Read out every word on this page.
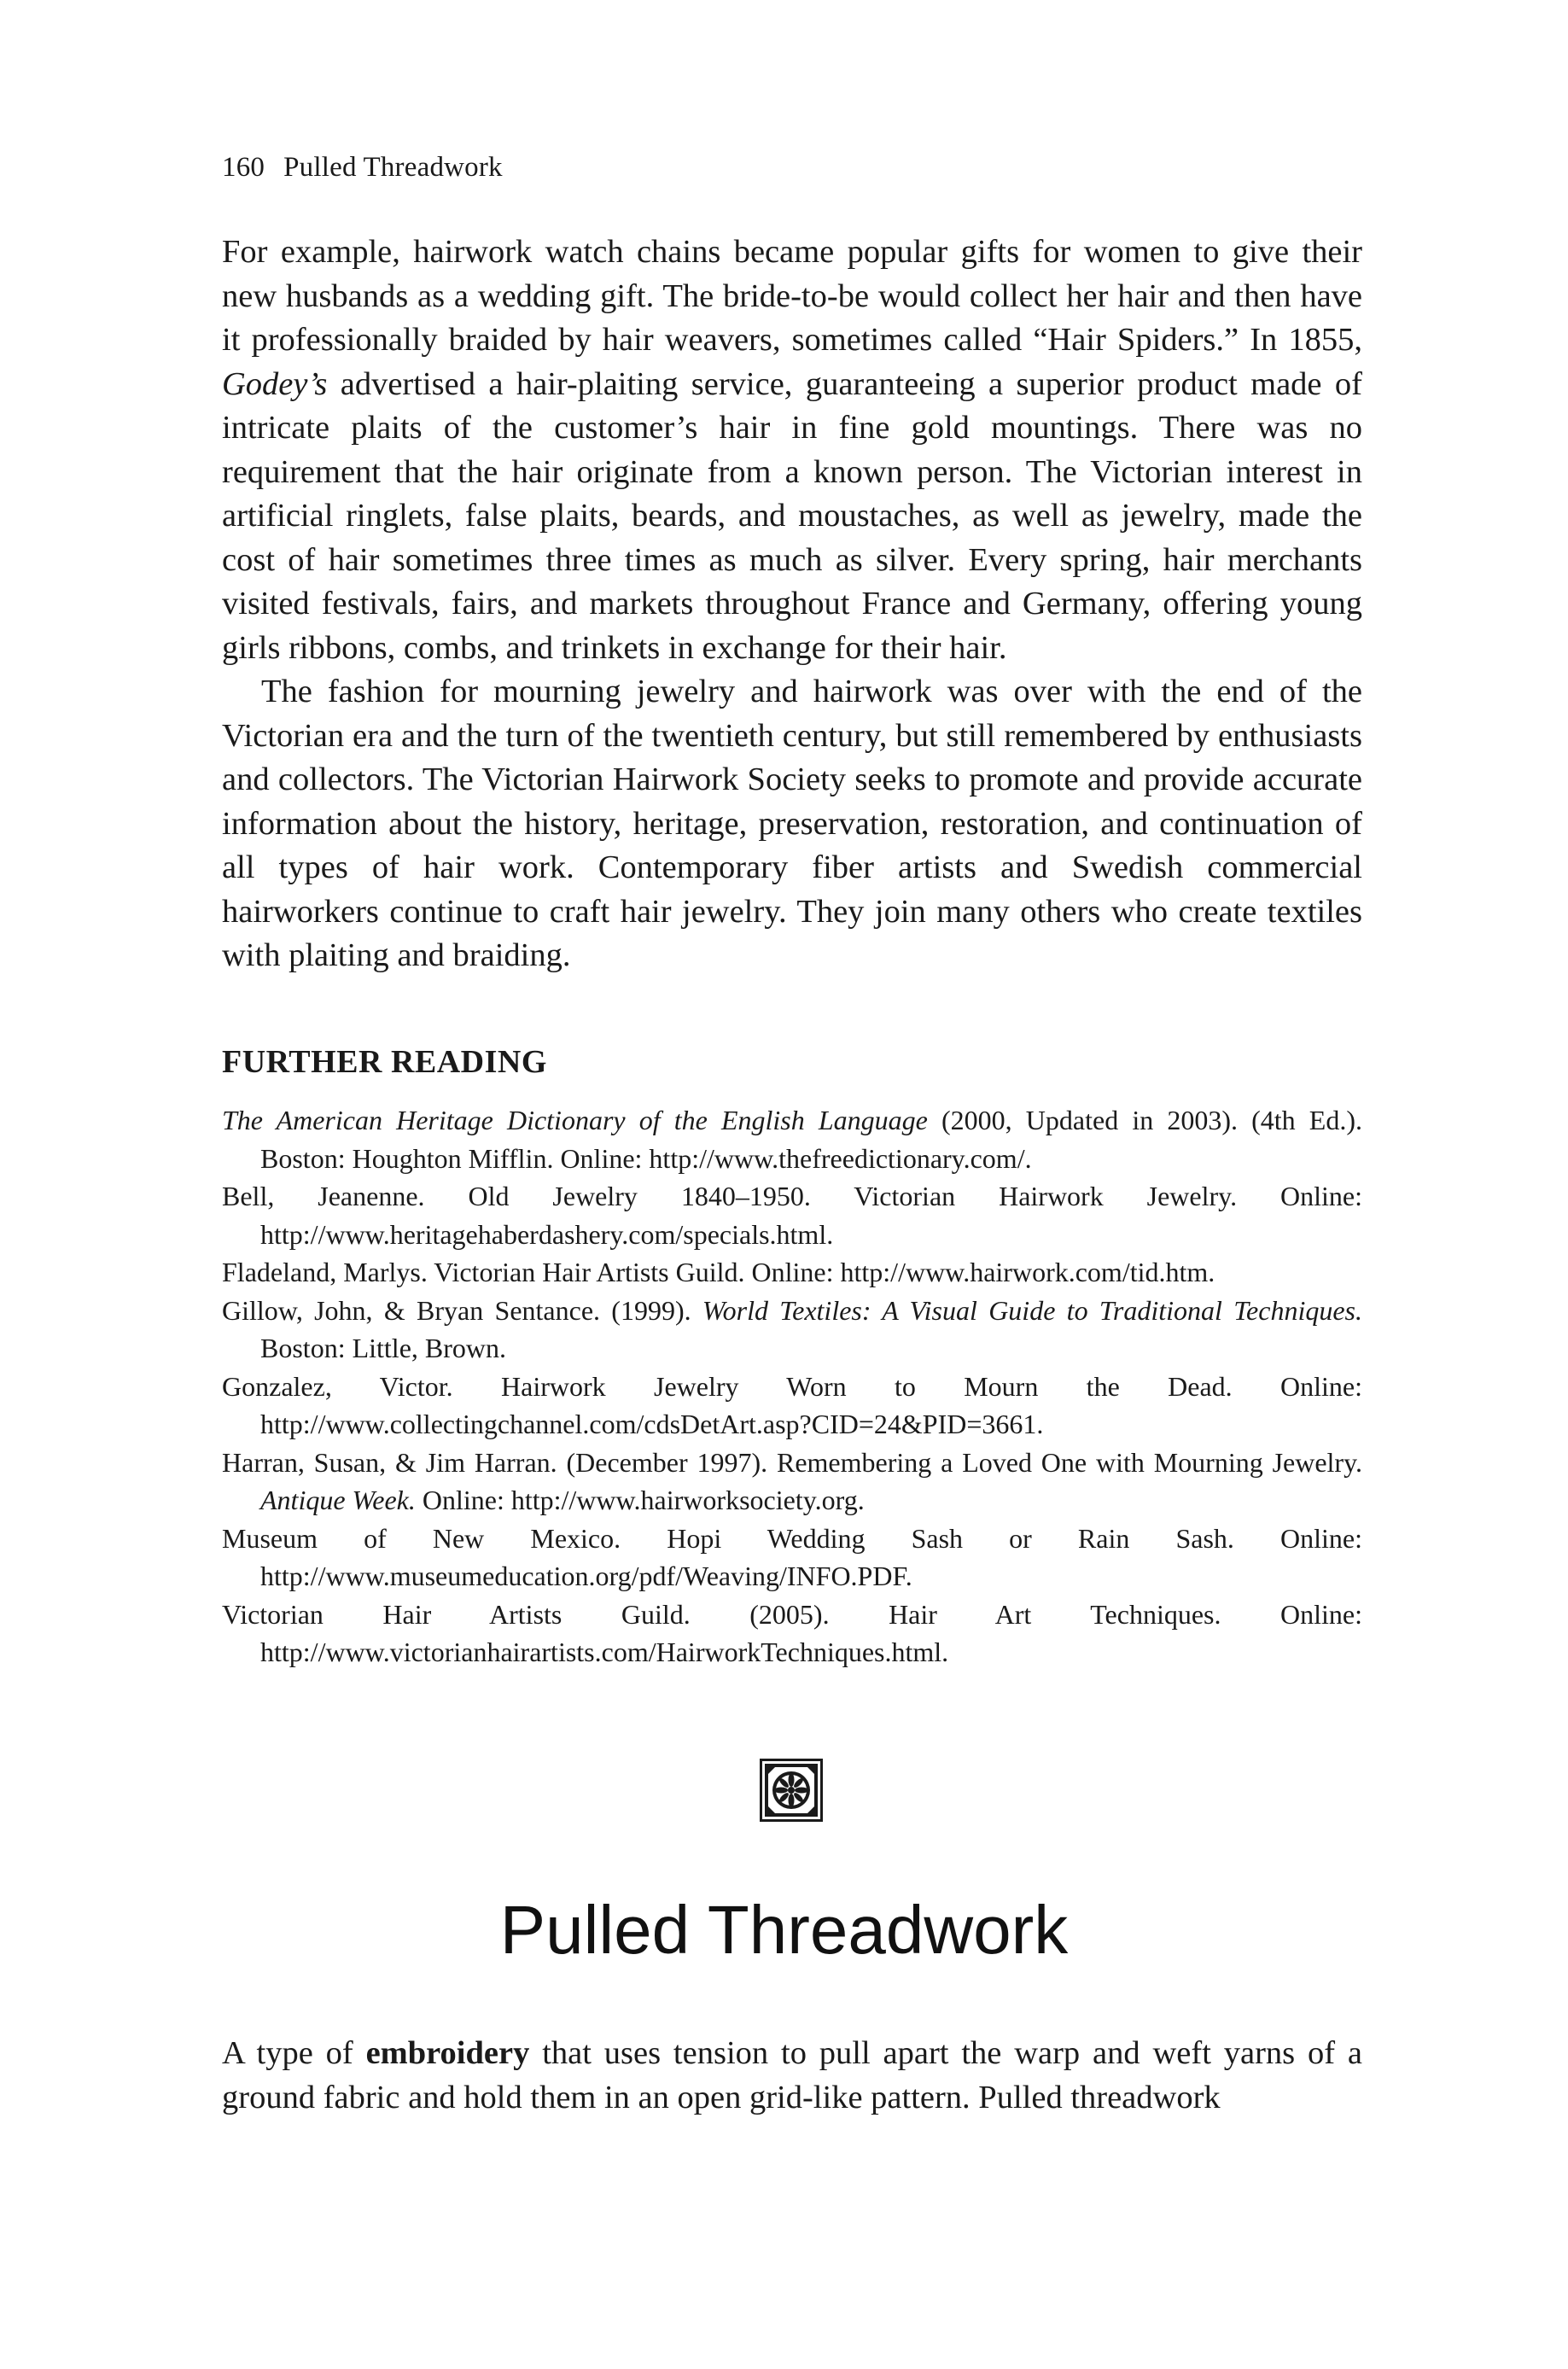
160 Pulled Threadwork

For example, hairwork watch chains became popular gifts for women to give their new husbands as a wedding gift. The bride-to-be would collect her hair and then have it professionally braided by hair weavers, sometimes called “Hair Spiders.” In 1855, Godey’s advertised a hair-plaiting service, guaranteeing a superior product made of intricate plaits of the customer’s hair in fine gold mountings. There was no requirement that the hair originate from a known person. The Victorian interest in artificial ringlets, false plaits, beards, and moustaches, as well as jewelry, made the cost of hair sometimes three times as much as silver. Every spring, hair merchants visited festivals, fairs, and markets throughout France and Germany, offering young girls ribbons, combs, and trinkets in exchange for their hair.

The fashion for mourning jewelry and hairwork was over with the end of the Victorian era and the turn of the twentieth century, but still remembered by enthusiasts and collectors. The Victorian Hairwork Society seeks to promote and provide accurate information about the history, heritage, preservation, restoration, and continuation of all types of hair work. Contemporary fiber artists and Swedish commercial hairworkers continue to craft hair jewelry. They join many others who create textiles with plaiting and braiding.

FURTHER READING

The American Heritage Dictionary of the English Language (2000, Updated in 2003). (4th Ed.). Boston: Houghton Mifflin. Online: http://www.thefreedictionary.com/.

Bell, Jeanenne. Old Jewelry 1840–1950. Victorian Hairwork Jewelry. Online: http://www.heritagehaberdashery.com/specials.html.

Fladeland, Marlys. Victorian Hair Artists Guild. Online: http://www.hairwork.com/tid.htm.

Gillow, John, & Bryan Sentance. (1999). World Textiles: A Visual Guide to Traditional Techniques. Boston: Little, Brown.

Gonzalez, Victor. Hairwork Jewelry Worn to Mourn the Dead. Online: http://www.collectingchannel.com/cdsDetArt.asp?CID=24&PID=3661.

Harran, Susan, & Jim Harran. (December 1997). Remembering a Loved One with Mourning Jewelry. Antique Week. Online: http://www.hairworksociety.org.

Museum of New Mexico. Hopi Wedding Sash or Rain Sash. Online: http://www.museumeducation.org/pdf/Weaving/INFO.PDF.

Victorian Hair Artists Guild. (2005). Hair Art Techniques. Online: http://www.victorianhairartists.com/HairworkTechniques.html.

Pulled Threadwork

A type of embroidery that uses tension to pull apart the warp and weft yarns of a ground fabric and hold them in an open grid-like pattern. Pulled threadwork
